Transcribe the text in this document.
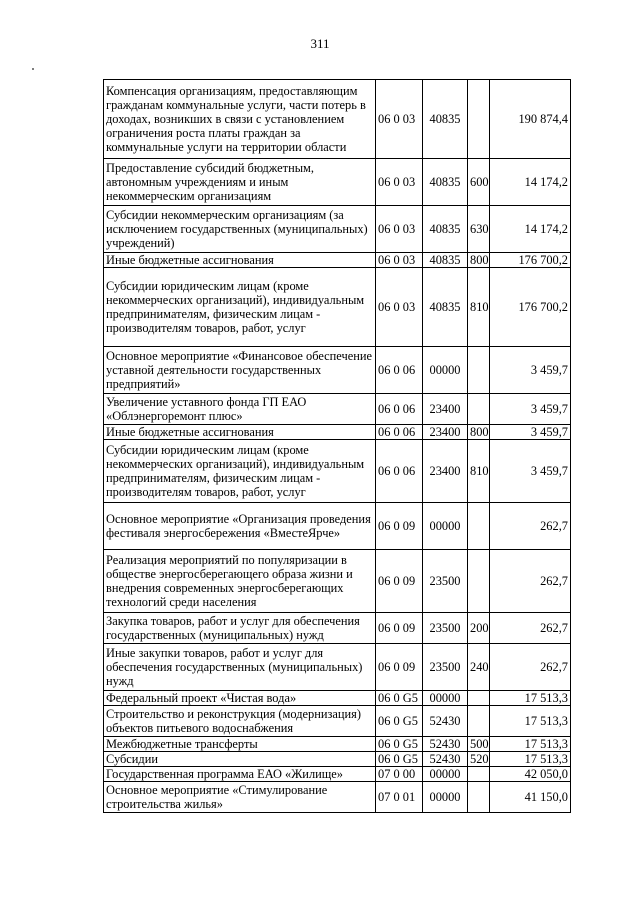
311
Компенсация организациям, предоставляющим гражданам коммунальные услуги, части потерь в доходах, возникших в связи с установлением ограничения роста платы граждан за коммунальные услуги на территории области	06 0 03	40835		190 874,4
Предоставление субсидий бюджетным, автономным учреждениям и иным некоммерческим организациям	06 0 03	40835	600	14 174,2
Субсидии некоммерческим организациям (за исключением государственных (муниципальных) учреждений)	06 0 03	40835	630	14 174,2
Иные бюджетные ассигнования	06 0 03	40835	800	176 700,2
Субсидии юридическим лицам (кроме некоммерческих организаций), индивидуальным предпринимателям, физическим лицам - производителям товаров, работ, услуг	06 0 03	40835	810	176 700,2
Основное мероприятие «Финансовое обеспечение уставной деятельности государственных предприятий»	06 0 06	00000		3 459,7
Увеличение уставного фонда ГП ЕАО «Облэнергоремонт плюс»	06 0 06	23400		3 459,7
Иные бюджетные ассигнования	06 0 06	23400	800	3 459,7
Субсидии юридическим лицам (кроме некоммерческих организаций), индивидуальным предпринимателям, физическим лицам - производителям товаров, работ, услуг	06 0 06	23400	810	3 459,7
Основное мероприятие «Организация проведения фестиваля энергосбережения «ВместеЯрче»	06 0 09	00000		262,7
Реализация мероприятий по популяризации в обществе энергосберегающего образа жизни и внедрения современных энергосберегающих технологий среди населения	06 0 09	23500		262,7
Закупка товаров, работ и услуг для обеспечения государственных (муниципальных) нужд	06 0 09	23500	200	262,7
Иные закупки товаров, работ и услуг для обеспечения государственных (муниципальных) нужд	06 0 09	23500	240	262,7
Федеральный проект «Чистая вода»	06 0 G5	00000		17 513,3
Строительство и реконструкция (модернизация) объектов питьевого водоснабжения	06 0 G5	52430		17 513,3
Межбюджетные трансферты	06 0 G5	52430	500	17 513,3
Субсидии	06 0 G5	52430	520	17 513,3
Государственная программа ЕАО «Жилище»	07 0 00	00000		42 050,0
Основное мероприятие «Стимулирование строительства жилья»	07 0 01	00000		41 150,0
